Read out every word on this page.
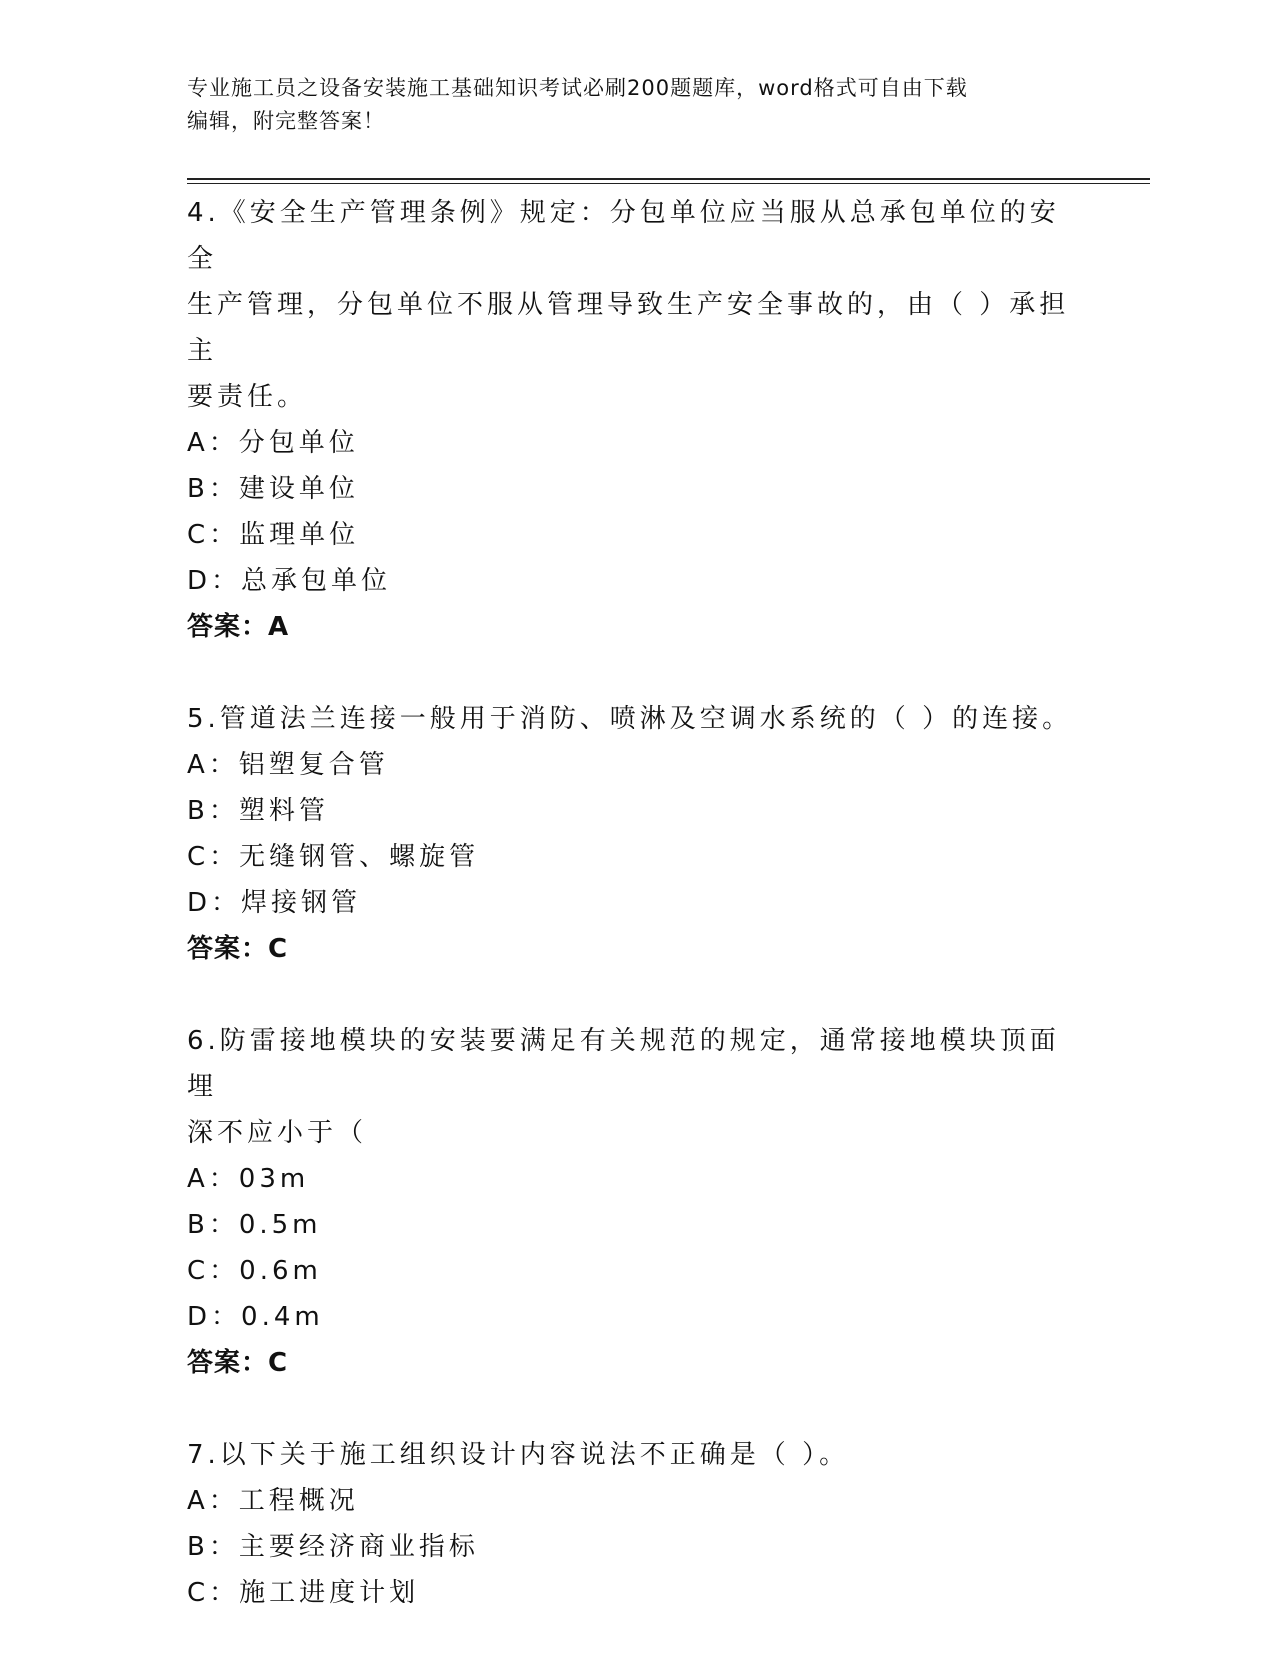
专业施工员之设备安装施工基础知识考试必刷200题题库，word格式可自由下载
编辑，附完整答案！
4.《安全生产管理条例》规定：分包单位应当服从总承包单位的安全
生产管理，分包单位不服从管理导致生产安全事故的，由（ ）承担主
要责任。
A：分包单位
B：建设单位
C：监理单位
D：总承包单位
答案：A
5.管道法兰连接一般用于消防、喷淋及空调水系统的（ ）的连接。
A：铝塑复合管
B：塑料管
C：无缝钢管、螺旋管
D：焊接钢管
答案：C
6.防雷接地模块的安装要满足有关规范的规定，通常接地模块顶面埋
深不应小于（
A：03m
B：0.5m
C：0.6m
D：0.4m
答案：C
7.以下关于施工组织设计内容说法不正确是（ ）。
A：工程概况
B：主要经济商业指标
C：施工进度计划
